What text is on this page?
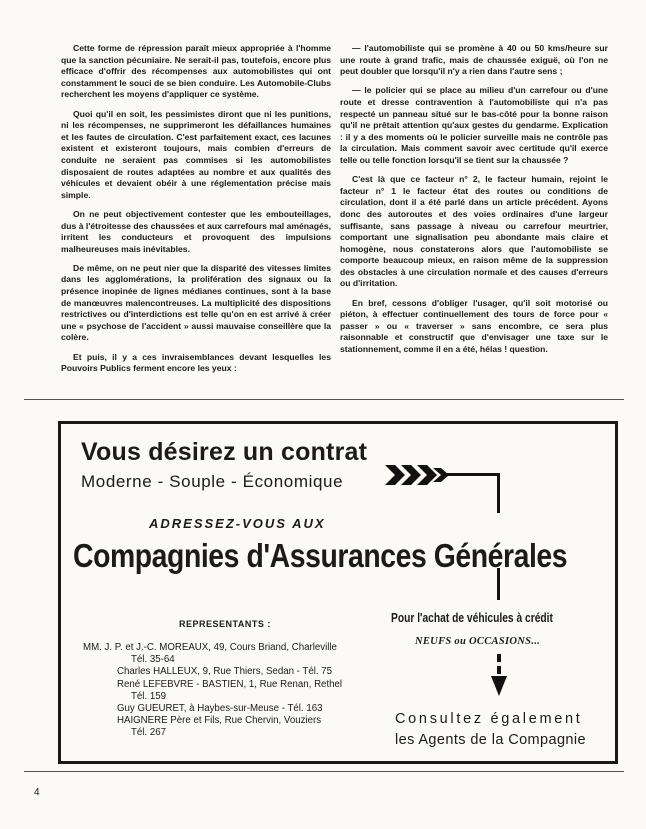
Cette forme de répression paraît mieux appropriée à l'homme que la sanction pécuniaire. Ne serait-il pas, toutefois, encore plus efficace d'offrir des récompenses aux automobilistes qui ont constamment le souci de se bien conduire. Les Automobile-Clubs recherchent les moyens d'appliquer ce système.

Quoi qu'il en soit, les pessimistes diront que ni les punitions, ni les récompenses, ne supprimeront les défaillances humaines et les fautes de circulation. C'est parfaitement exact, ces lacunes existent et existeront toujours, mais combien d'erreurs de conduite ne seraient pas commises si les automobilistes disposaient de routes adaptées au nombre et aux qualités des véhicules et devaient obéir à une réglementation précise mais simple.

On ne peut objectivement contester que les embouteillages, dus à l'étroitesse des chaussées et aux carrefours mal aménagés, irritent les conducteurs et provoquent des impulsions malheureuses mais inévitables.

De même, on ne peut nier que la disparité des vitesses limites dans les agglomérations, la prolifération des signaux ou la présence inopinée de lignes médianes continues, sont à la base de manœuvres malencontreuses. La multiplicité des dispositions restrictives ou d'interdictions est telle qu'on en est arrivé à créer une « psychose de l'accident » aussi mauvaise conseillère que la colère.

Et puis, il y a ces invraisemblances devant lesquelles les Pouvoirs Publics ferment encore les yeux :

— l'automobiliste qui se promène à 40 ou 50 kms/heure sur une route à grand trafic, mais de chaussée exiguë, où l'on ne peut doubler que lorsqu'il n'y a rien dans l'autre sens ;

— le policier qui se place au milieu d'un carrefour ou d'une route et dresse contravention à l'automobiliste qui n'a pas respecté un panneau situé sur le bas-côté pour la bonne raison qu'il ne prêtait attention qu'aux gestes du gendarme. Explication : il y a des moments où le policier surveille mais ne contrôle pas la circulation. Mais comment savoir avec certitude qu'il exerce telle ou telle fonction lorsqu'il se tient sur la chaussée ?

C'est là que ce facteur n° 2, le facteur humain, rejoint le facteur n° 1 le facteur état des routes ou conditions de circulation, dont il a été parlé dans un article précédent. Ayons donc des autoroutes et des voies ordinaires d'une largeur suffisante, sans passage à niveau ou carrefour meurtrier, comportant une signalisation peu abondante mais claire et homogène, nous constaterons alors que l'automobiliste se comporte beaucoup mieux, en raison même de la suppression des obstacles à une circulation normale et des causes d'erreurs ou d'irritation.

En bref, cessons d'obliger l'usager, qu'il soit motorisé ou piéton, à effectuer continuellement des tours de force pour « passer » ou « traverser » sans encombre, ce sera plus raisonnable et constructif que d'envisager une taxe sur le stationnement, comme il en a été, hélas ! question.

Vous désirez un contrat
Moderne - Souple - Économique
ADRESSEZ-VOUS AUX
Compagnies d'Assurances Générales
REPRESENTANTS :
MM. J. P. et J.-C. MOREAUX, 49, Cours Briand, Charleville
Tél. 35-64
Charles HALLEUX, 9, Rue Thiers, Sedan - Tél. 75
René LEFEBVRE - BASTIEN, 1, Rue Renan, Rethel
Tél. 159
Guy GUEURET, à Haybes-sur-Meuse - Tél. 163
HAIGNERE Père et Fils, Rue Chervin, Vouziers
Tél. 267
Pour l'achat de véhicules à crédit
NEUFS ou OCCASIONS...
Consultez également
les Agents de la Compagnie
4
